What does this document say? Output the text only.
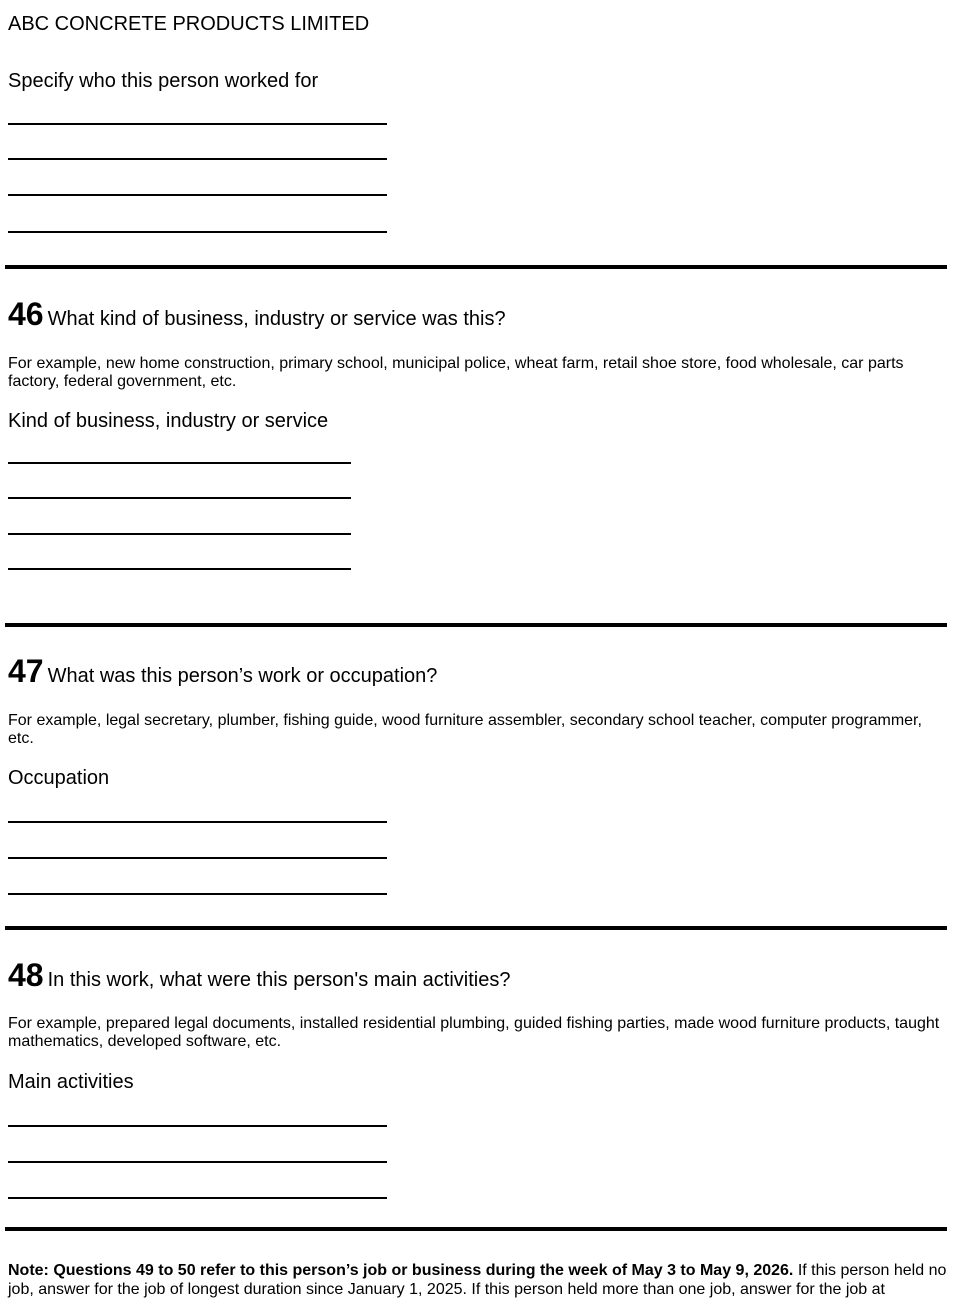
ABC CONCRETE PRODUCTS LIMITED
Specify who this person worked for
46 What kind of business, industry or service was this?
For example, new home construction, primary school, municipal police, wheat farm, retail shoe store, food wholesale, car parts factory, federal government, etc.
Kind of business, industry or service
47 What was this person’s work or occupation?
For example, legal secretary, plumber, fishing guide, wood furniture assembler, secondary school teacher, computer programmer, etc.
Occupation
48 In this work, what were this person's main activities?
For example, prepared legal documents, installed residential plumbing, guided fishing parties, made wood furniture products, taught mathematics, developed software, etc.
Main activities
Note: Questions 49 to 50 refer to this person’s job or business during the week of May 3 to May 9, 2026. If this person held no job, answer for the job of longest duration since January 1, 2025. If this person held more than one job, answer for the job at
